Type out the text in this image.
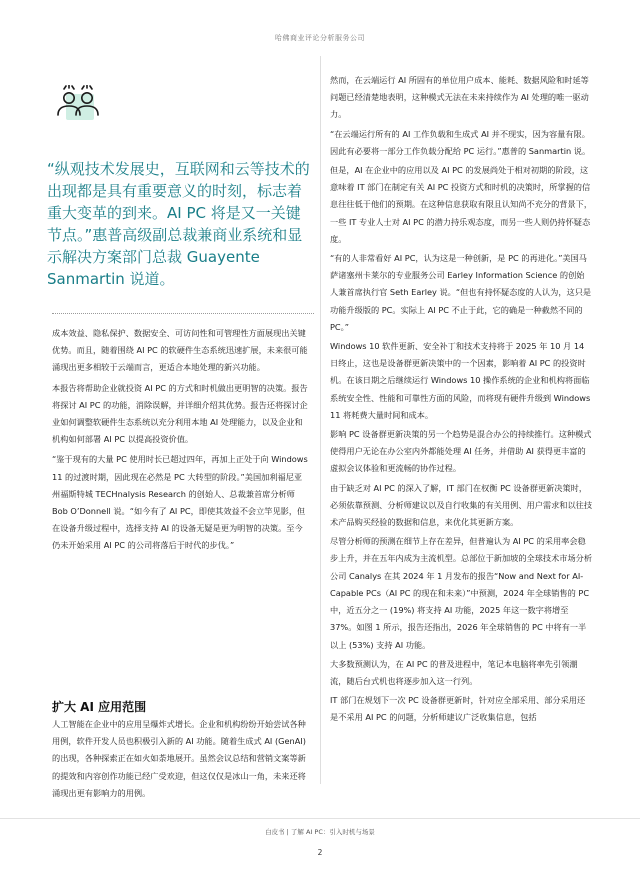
哈佛商业评论分析服务公司
“纵观技术发展史，互联网和云等技术的出现都是具有重要意义的时刻，标志着重大变革的到来。AI PC 将是又一关键节点。”惠普高级副总裁兼商业系统和显示解决方案部门总裁 Guayente Sanmartin 说道。

成本效益、隐私保护、数据安全、可访问性和可管理性方面展现出关键优势。而且，随着围绕 AI PC 的软硬件生态系统迅速扩展，未来很可能涌现出更多相较于云端而言，更适合本地处理的新兴功能。

本报告将帮助企业就投资 AI PC 的方式和时机做出更明智的决策。报告将探讨 AI PC 的功能，消除误解，并详细介绍其优势。报告还将探讨企业如何调整软硬件生态系统以充分利用本地 AI 处理能力，以及企业和机构如何部署 AI PC 以提高投资价值。

“鉴于现有的大量 PC 使用时长已超过四年，再加上正处于向 Windows 11 的过渡时期，因此现在必然是 PC 大转型的阶段。”美国加利福尼亚州福斯特城 TECHnalysis Research 的创始人、总裁兼首席分析师 Bob O’Donnell 说。“如今有了 AI PC，即使其效益不会立竿见影，但在设备升级过程中，选择支持 AI 的设备无疑是更为明智的决策。至今仍未开始采用 AI PC 的公司将落后于时代的步伐。”

扩大 AI 应用范围

人工智能在企业中的应用呈爆炸式增长。企业和机构纷纷开始尝试各种用例，软件开发人员也积极引入新的 AI 功能。随着生成式 AI (GenAI) 的出现，各种探索正在如火如荼地展开。虽然会议总结和营销文案等新的提效和内容创作功能已经广受欢迎，但这仅仅是冰山一角，未来还将涌现出更有影响力的用例。

然而，在云端运行 AI 所固有的单位用户成本、能耗、数据风险和时延等问题已经清楚地表明，这种模式无法在未来持续作为 AI 处理的唯一驱动力。

“在云端运行所有的 AI 工作负载和生成式 AI 并不现实，因为容量有限。因此有必要将一部分工作负载分配给 PC 运行。”惠普的 Sanmartin 说。

但是，AI 在企业中的应用以及 AI PC 的发展尚处于相对初期的阶段，这意味着 IT 部门在制定有关 AI PC 投资方式和时机的决策时，所掌握的信息往往低于他们的预期。在这种信息获取有限且认知尚不充分的背景下，一些 IT 专业人士对 AI PC 的潜力持乐观态度，而另一些人则仍持怀疑态度。

“有的人非常看好 AI PC，认为这是一种创新，是 PC 的再进化。”美国马萨诸塞州卡莱尔的专业服务公司 Earley Information Science 的创始人兼首席执行官 Seth Earley 说。“但也有持怀疑态度的人认为，这只是功能升级版的 PC。实际上 AI PC 不止于此，它的确是一种截然不同的 PC。”

Windows 10 软件更新、安全补丁和技术支持将于 2025 年 10 月 14 日终止，这也是设备群更新决策中的一个因素，影响着 AI PC 的投资时机。在该日期之后继续运行 Windows 10 操作系统的企业和机构将面临系统安全性、性能和可靠性方面的风险，而将现有硬件升级到 Windows 11 将耗费大量时间和成本。

影响 PC 设备群更新决策的另一个趋势是混合办公的持续推行。这种模式使得用户无论在办公室内外都能处理 AI 任务，并借助 AI 获得更丰富的虚拟会议体验和更流畅的协作过程。

由于缺乏对 AI PC 的深入了解，IT 部门在权衡 PC 设备群更新决策时，必须依靠预测、分析师建议以及自行收集的有关用例、用户需求和以往技术产品购买经验的数据和信息，来优化其更新方案。

尽管分析师的预测在细节上存在差异，但普遍认为 AI PC 的采用率会稳步上升，并在五年内成为主流机型。总部位于新加坡的全球技术市场分析公司 Canalys 在其 2024 年 1 月发布的报告“Now and Next for AI-Capable PCs（AI PC 的现在和未来）”中预测，2024 年全球销售的 PC 中，近五分之一 (19%) 将支持 AI 功能，2025 年这一数字将增至 37%。如图 1 所示，报告还指出，2026 年全球销售的 PC 中将有一半以上 (53%) 支持 AI 功能。

大多数预测认为，在 AI PC 的普及进程中，笔记本电脑将率先引领潮流，随后台式机也将逐步加入这一行列。

IT 部门在规划下一次 PC 设备群更新时，针对应全部采用、部分采用还是不采用 AI PC 的问题，分析师建议广泛收集信息，包括

白皮书 | 了解 AI PC：引入时机与场景
2
